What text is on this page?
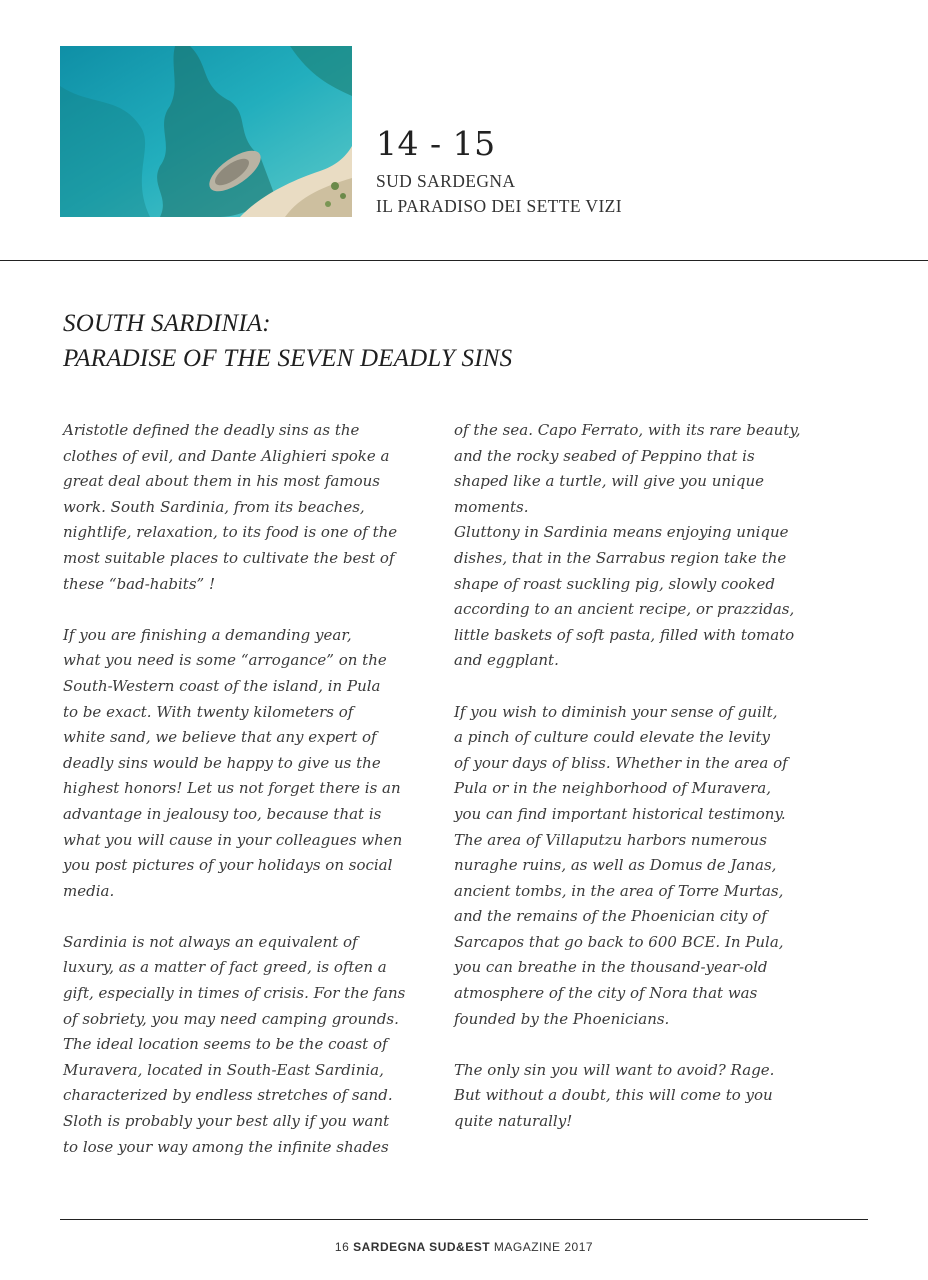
14 - 15
SUD SARDEGNA
IL PARADISO DEI SETTE VIZI
SOUTH SARDINIA:
PARADISE OF THE SEVEN DEADLY SINS
Aristotle defined the deadly sins as the
clothes of evil, and Dante Alighieri spoke a
great deal about them in his most famous
work. South Sardinia, from its beaches,
nightlife, relaxation, to its food is one of the
most suitable places to cultivate the best of
these “bad-habits” !
If you are finishing a demanding year,
what you need is some “arrogance” on the
South-Western coast of the island, in Pula
to be exact. With twenty kilometers of
white sand, we believe that any expert of
deadly sins would be happy to give us the
highest honors! Let us not forget there is an
advantage in jealousy too, because that is
what you will cause in your colleagues when
you post pictures of your holidays on social
media.
Sardinia is not always an equivalent of
luxury, as a matter of fact greed, is often a
gift, especially in times of crisis. For the fans
of sobriety, you may need camping grounds.
The ideal location seems to be the coast of
Muravera, located in South-East Sardinia,
characterized by endless stretches of sand.
Sloth is probably your best ally if you want
to lose your way among the infinite shades
of the sea. Capo Ferrato, with its rare beauty,
and the rocky seabed of Peppino that is
shaped like a turtle, will give you unique
moments.
Gluttony in Sardinia means enjoying unique
dishes, that in the Sarrabus region take the
shape of roast suckling pig, slowly cooked
according to an ancient recipe, or prazzidas,
little baskets of soft pasta, filled with tomato
and eggplant.
If you wish to diminish your sense of guilt,
a pinch of culture could elevate the levity
of your days of bliss. Whether in the area of
Pula or in the neighborhood of Muravera,
you can find important historical testimony.
The area of Villaputzu harbors numerous
nuraghe ruins, as well as Domus de Janas,
ancient tombs, in the area of Torre Murtas,
and the remains of the Phoenician city of
Sarcapos that go back to 600 BCE. In Pula,
you can breathe in the thousand-year-old
atmosphere of the city of Nora that was
founded by the Phoenicians.
The only sin you will want to avoid? Rage.
But without a doubt, this will come to you
quite naturally!
16 SARDEGNA SUD&EST MAGAZINE 2017
